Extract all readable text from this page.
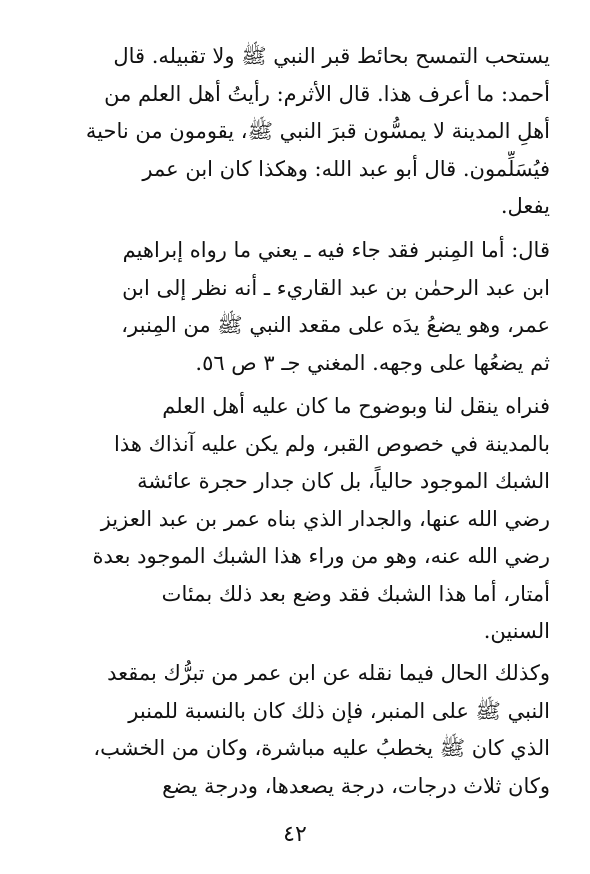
يستحب التمسح بحائط قبر النبي ﷺ ولا تقبيله. قال
أحمد: ما أعرف هذا. قال الأثرم: رأيتُ أهل العلم من
أهلِ المدينة لا يمسُّون قبرَ النبي ﷺ، يقومون من ناحية
فيُسَلِّمون. قال أبو عبد الله: وهكذا كان ابن عمر
يفعل.
قال: أما المِنبر فقد جاء فيه ـ يعني ما رواه إبراهيم
ابن عبد الرحمٰن بن عبد القاريء ـ أنه نظر إلى ابن
عمر، وهو يضعُ يدَه على مقعد النبي ﷺ من المِنبر،
ثم يضعُها على وجهه. المغني جـ ٣ ص ٥٦.
فنراه ينقل لنا وبوضوح ما كان عليه أهل العلم
بالمدينة في خصوص القبر، ولم يكن عليه آنذاك هذا
الشبك الموجود حالياً، بل كان جدار حجرة عائشة
رضي الله عنها، والجدار الذي بناه عمر بن عبد العزيز
رضي الله عنه، وهو من وراء هذا الشبك الموجود بعدة
أمتار، أما هذا الشبك فقد وضع بعد ذلك بمئات
السنين.
وكذلك الحال فيما نقله عن ابن عمر من تبرُّك بمقعد
النبي ﷺ على المنبر، فإن ذلك كان بالنسبة للمنبر
الذي كان ﷺ يخطبُ عليه مباشرة، وكان من الخشب،
وكان ثلاث درجات، درجة يصعدها، ودرجة يضع
٤٢
